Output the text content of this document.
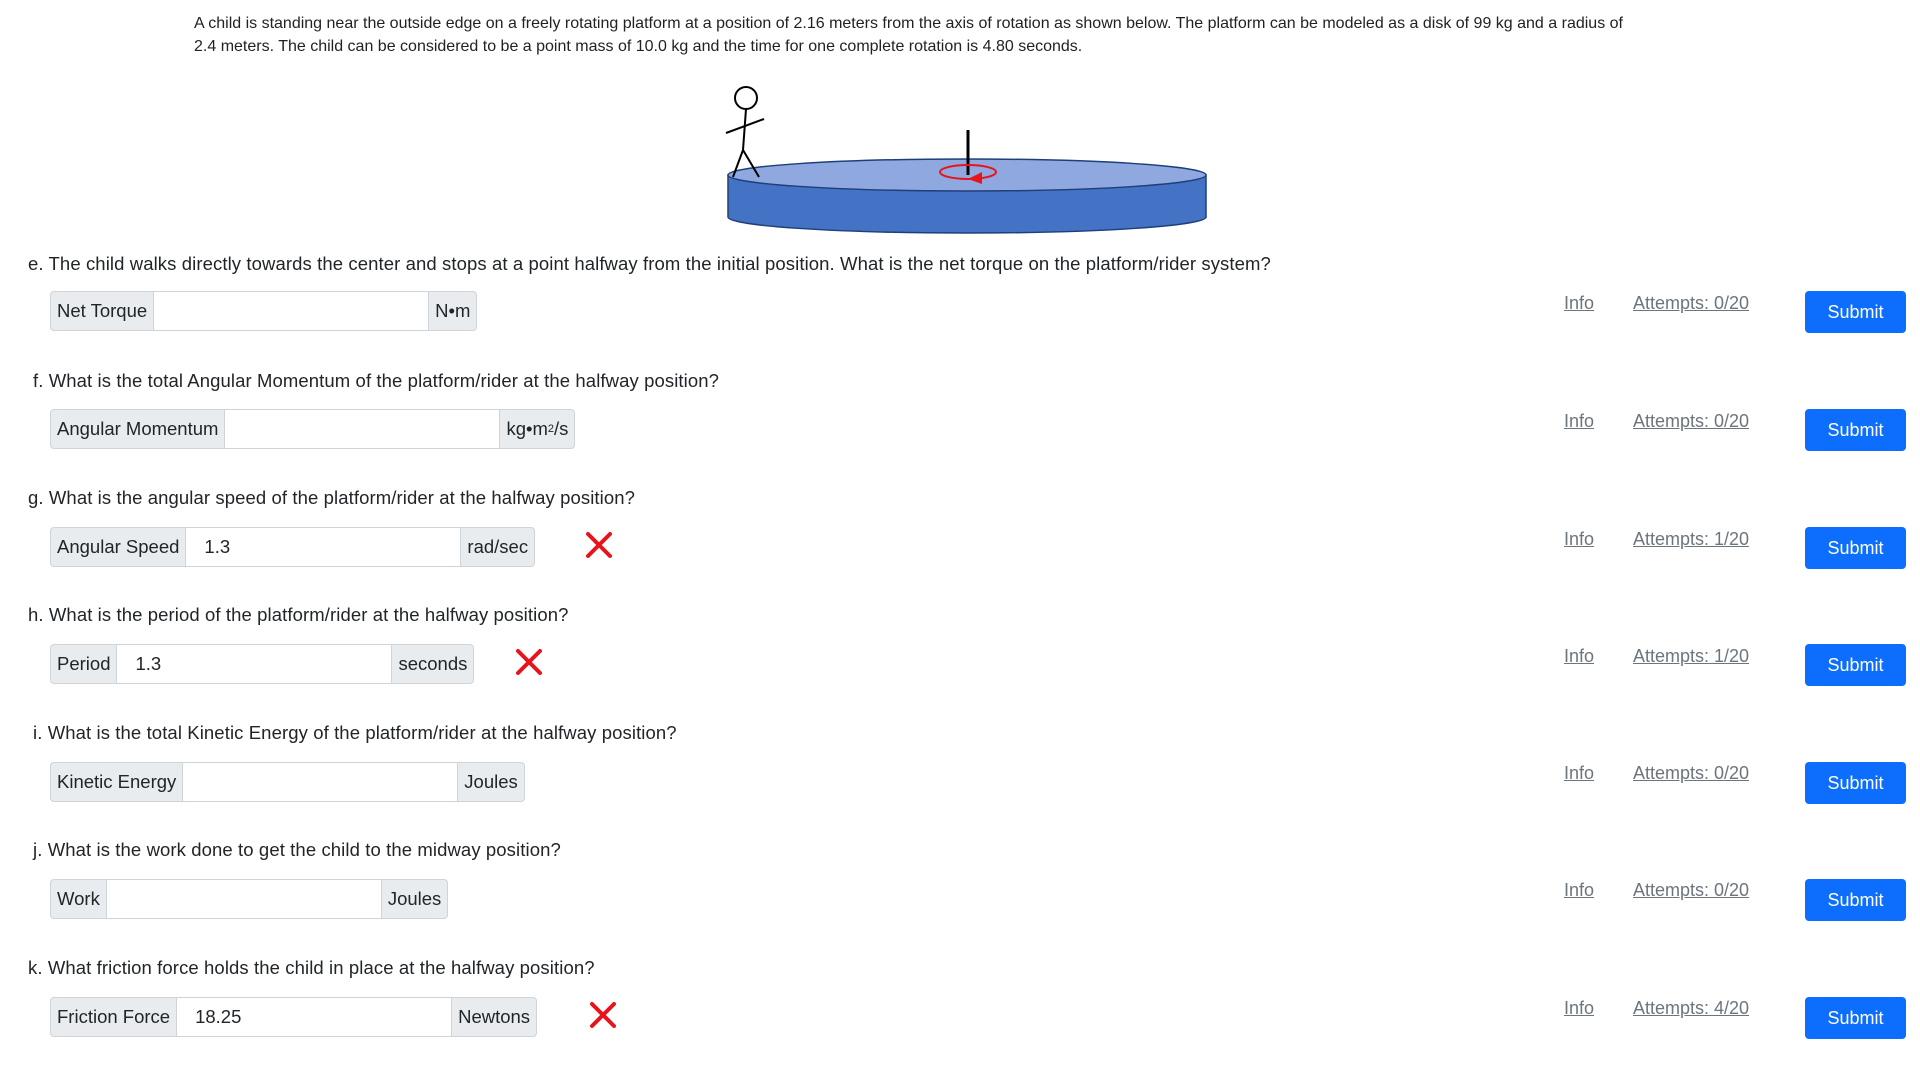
A child is standing near the outside edge on a freely rotating platform at a position of 2.16 meters from the axis of rotation as shown below. The platform can be modeled as a disk of 99 kg and a radius of
2.4 meters. The child can be considered to be a point mass of 10.0 kg and the time for one complete rotation is 4.80 seconds.
e. The child walks directly towards the center and stops at a point halfway from the initial position. What is the net torque on the platform/rider system?
Net Torque	N•m	Info Attempts: 0/20	Submit
f. What is the total Angular Momentum of the platform/rider at the halfway position?
Angular Momentum	kg•m 2 /s	Info Attempts: 0/20	Submit
g. What is the angular speed of the platform/rider at the halfway position?
Angular Speed	1.3	rad/sec	Info Attempts: 1/20	Submit
h. What is the period of the platform/rider at the halfway position?
Period	1.3	seconds	Info Attempts: 1/20	Submit
i. What is the total Kinetic Energy of the platform/rider at the halfway position?
Kinetic Energy	Joules	Info Attempts: 0/20	Submit
j. What is the work done to get the child to the midway position?
Work	Joules	Info Attempts: 0/20	Submit
k. What friction force holds the child in place at the halfway position?
Friction Force	18.25	Newtons	Info Attempts: 4/20	Submit
